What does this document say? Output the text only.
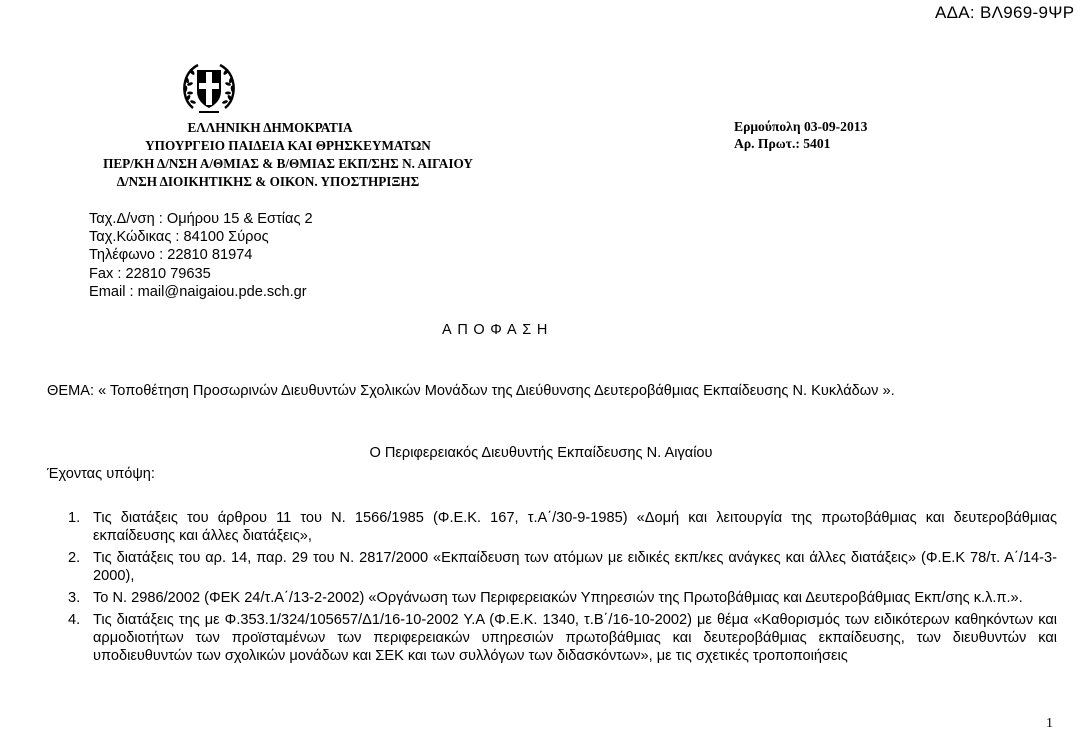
ΑΔΑ: ΒΛ969-9ΨΡ
ΕΛΛΗΝΙΚΗ ΔΗΜΟΚΡΑΤΙΑ
ΥΠΟΥΡΓΕΙΟ ΠΑΙΔΕΙΑ ΚΑΙ ΘΡΗΣΚΕΥΜΑΤΩΝ
ΠΕΡ/ΚΗ Δ/ΝΣΗ Α/ΘΜΙΑΣ & Β/ΘΜΙΑΣ ΕΚΠ/ΣΗΣ Ν. ΑΙΓΑΙΟΥ
Δ/ΝΣΗ ΔΙΟΙΚΗΤΙΚΗΣ & ΟΙΚΟΝ. ΥΠΟΣΤΗΡΙΞΗΣ
Ερμούπολη 03-09-2013
Αρ. Πρωτ.: 5401
Ταχ.Δ/νση : Ομήρου 15 & Εστίας 2
Ταχ.Κώδικας : 84100 Σύρος
Τηλέφωνο : 22810 81974
Fax : 22810 79635
Email : mail@naigaiou.pde.sch.gr
ΑΠΟΦΑΣΗ
ΘΕΜΑ: « Τοποθέτηση Προσωρινών Διευθυντών Σχολικών Μονάδων της Διεύθυνσης Δευτεροβάθμιας Εκπαίδευσης Ν. Κυκλάδων ».
Ο Περιφερειακός Διευθυντής Εκπαίδευσης Ν. Αιγαίου
Έχοντας υπόψη:
1. Τις διατάξεις του άρθρου 11 του Ν. 1566/1985 (Φ.Ε.Κ. 167, τ.Α΄/30-9-1985) «Δομή και λειτουργία της πρωτοβάθμιας και δευτεροβάθμιας εκπαίδευσης και άλλες διατάξεις»,
2. Τις διατάξεις του αρ. 14, παρ. 29 του Ν. 2817/2000 «Εκπαίδευση των ατόμων με ειδικές εκπ/κες ανάγκες και άλλες διατάξεις» (Φ.Ε.Κ 78/τ. Α΄/14-3-2000),
3. Το Ν. 2986/2002 (ΦΕΚ 24/τ.Α΄/13-2-2002) «Οργάνωση των Περιφερειακών Υπηρεσιών της Πρωτοβάθμιας και Δευτεροβάθμιας Εκπ/σης κ.λ.π.».
4. Τις διατάξεις της με Φ.353.1/324/105657/Δ1/16-10-2002 Υ.Α (Φ.Ε.Κ. 1340, τ.Β΄/16-10-2002) με θέμα «Καθορισμός των ειδικότερων καθηκόντων και αρμοδιοτήτων των προϊσταμένων των περιφερειακών υπηρεσιών πρωτοβάθμιας και δευτεροβάθμιας εκπαίδευσης, των διευθυντών και υποδιευθυντών των σχολικών μονάδων και ΣΕΚ και των συλλόγων των διδασκόντων», με τις σχετικές τροποποιήσεις
1
